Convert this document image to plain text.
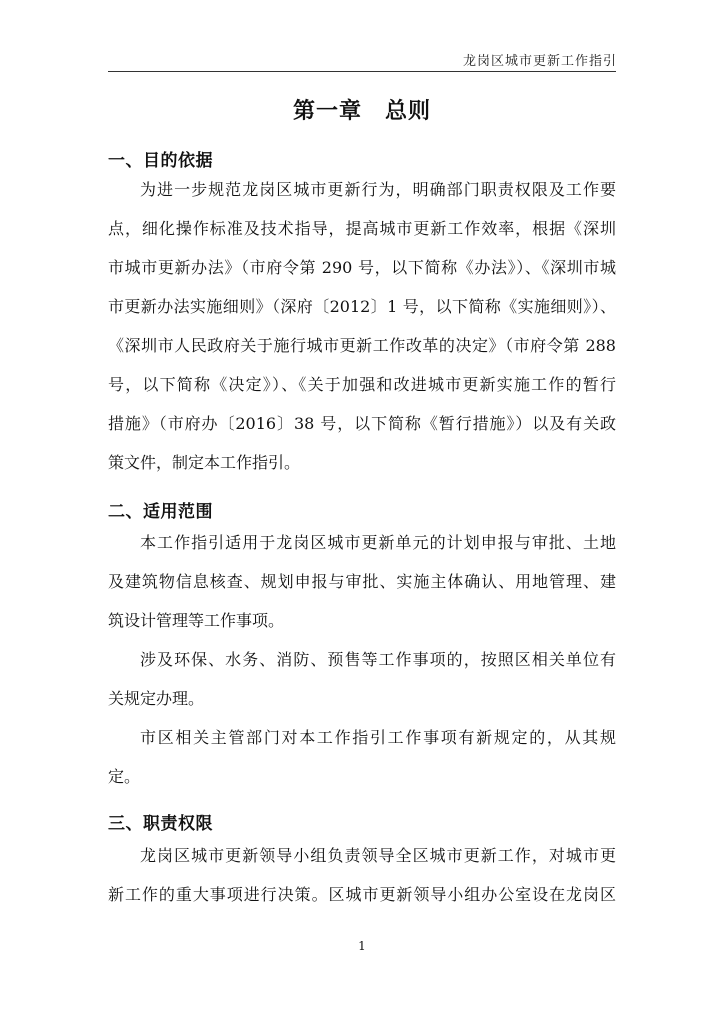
龙岗区城市更新工作指引
第一章　总则
一、目的依据
为进一步规范龙岗区城市更新行为，明确部门职责权限及工作要
点，细化操作标准及技术指导，提高城市更新工作效率，根据《深圳
市城市更新办法》（市府令第 290 号，以下简称《办法》）、《深圳市城
市更新办法实施细则》（深府〔2012〕1 号，以下简称《实施细则》）、
《深圳市人民政府关于施行城市更新工作改革的决定》（市府令第 288
号，以下简称《决定》）、《关于加强和改进城市更新实施工作的暂行
措施》（市府办〔2016〕38 号，以下简称《暂行措施》）以及有关政
策文件，制定本工作指引。
二、适用范围
本工作指引适用于龙岗区城市更新单元的计划申报与审批、土地
及建筑物信息核查、规划申报与审批、实施主体确认、用地管理、建
筑设计管理等工作事项。
涉及环保、水务、消防、预售等工作事项的，按照区相关单位有
关规定办理。
市区相关主管部门对本工作指引工作事项有新规定的，从其规
定。
三、职责权限
龙岗区城市更新领导小组负责领导全区城市更新工作，对城市更
新工作的重大事项进行决策。区城市更新领导小组办公室设在龙岗区
1
